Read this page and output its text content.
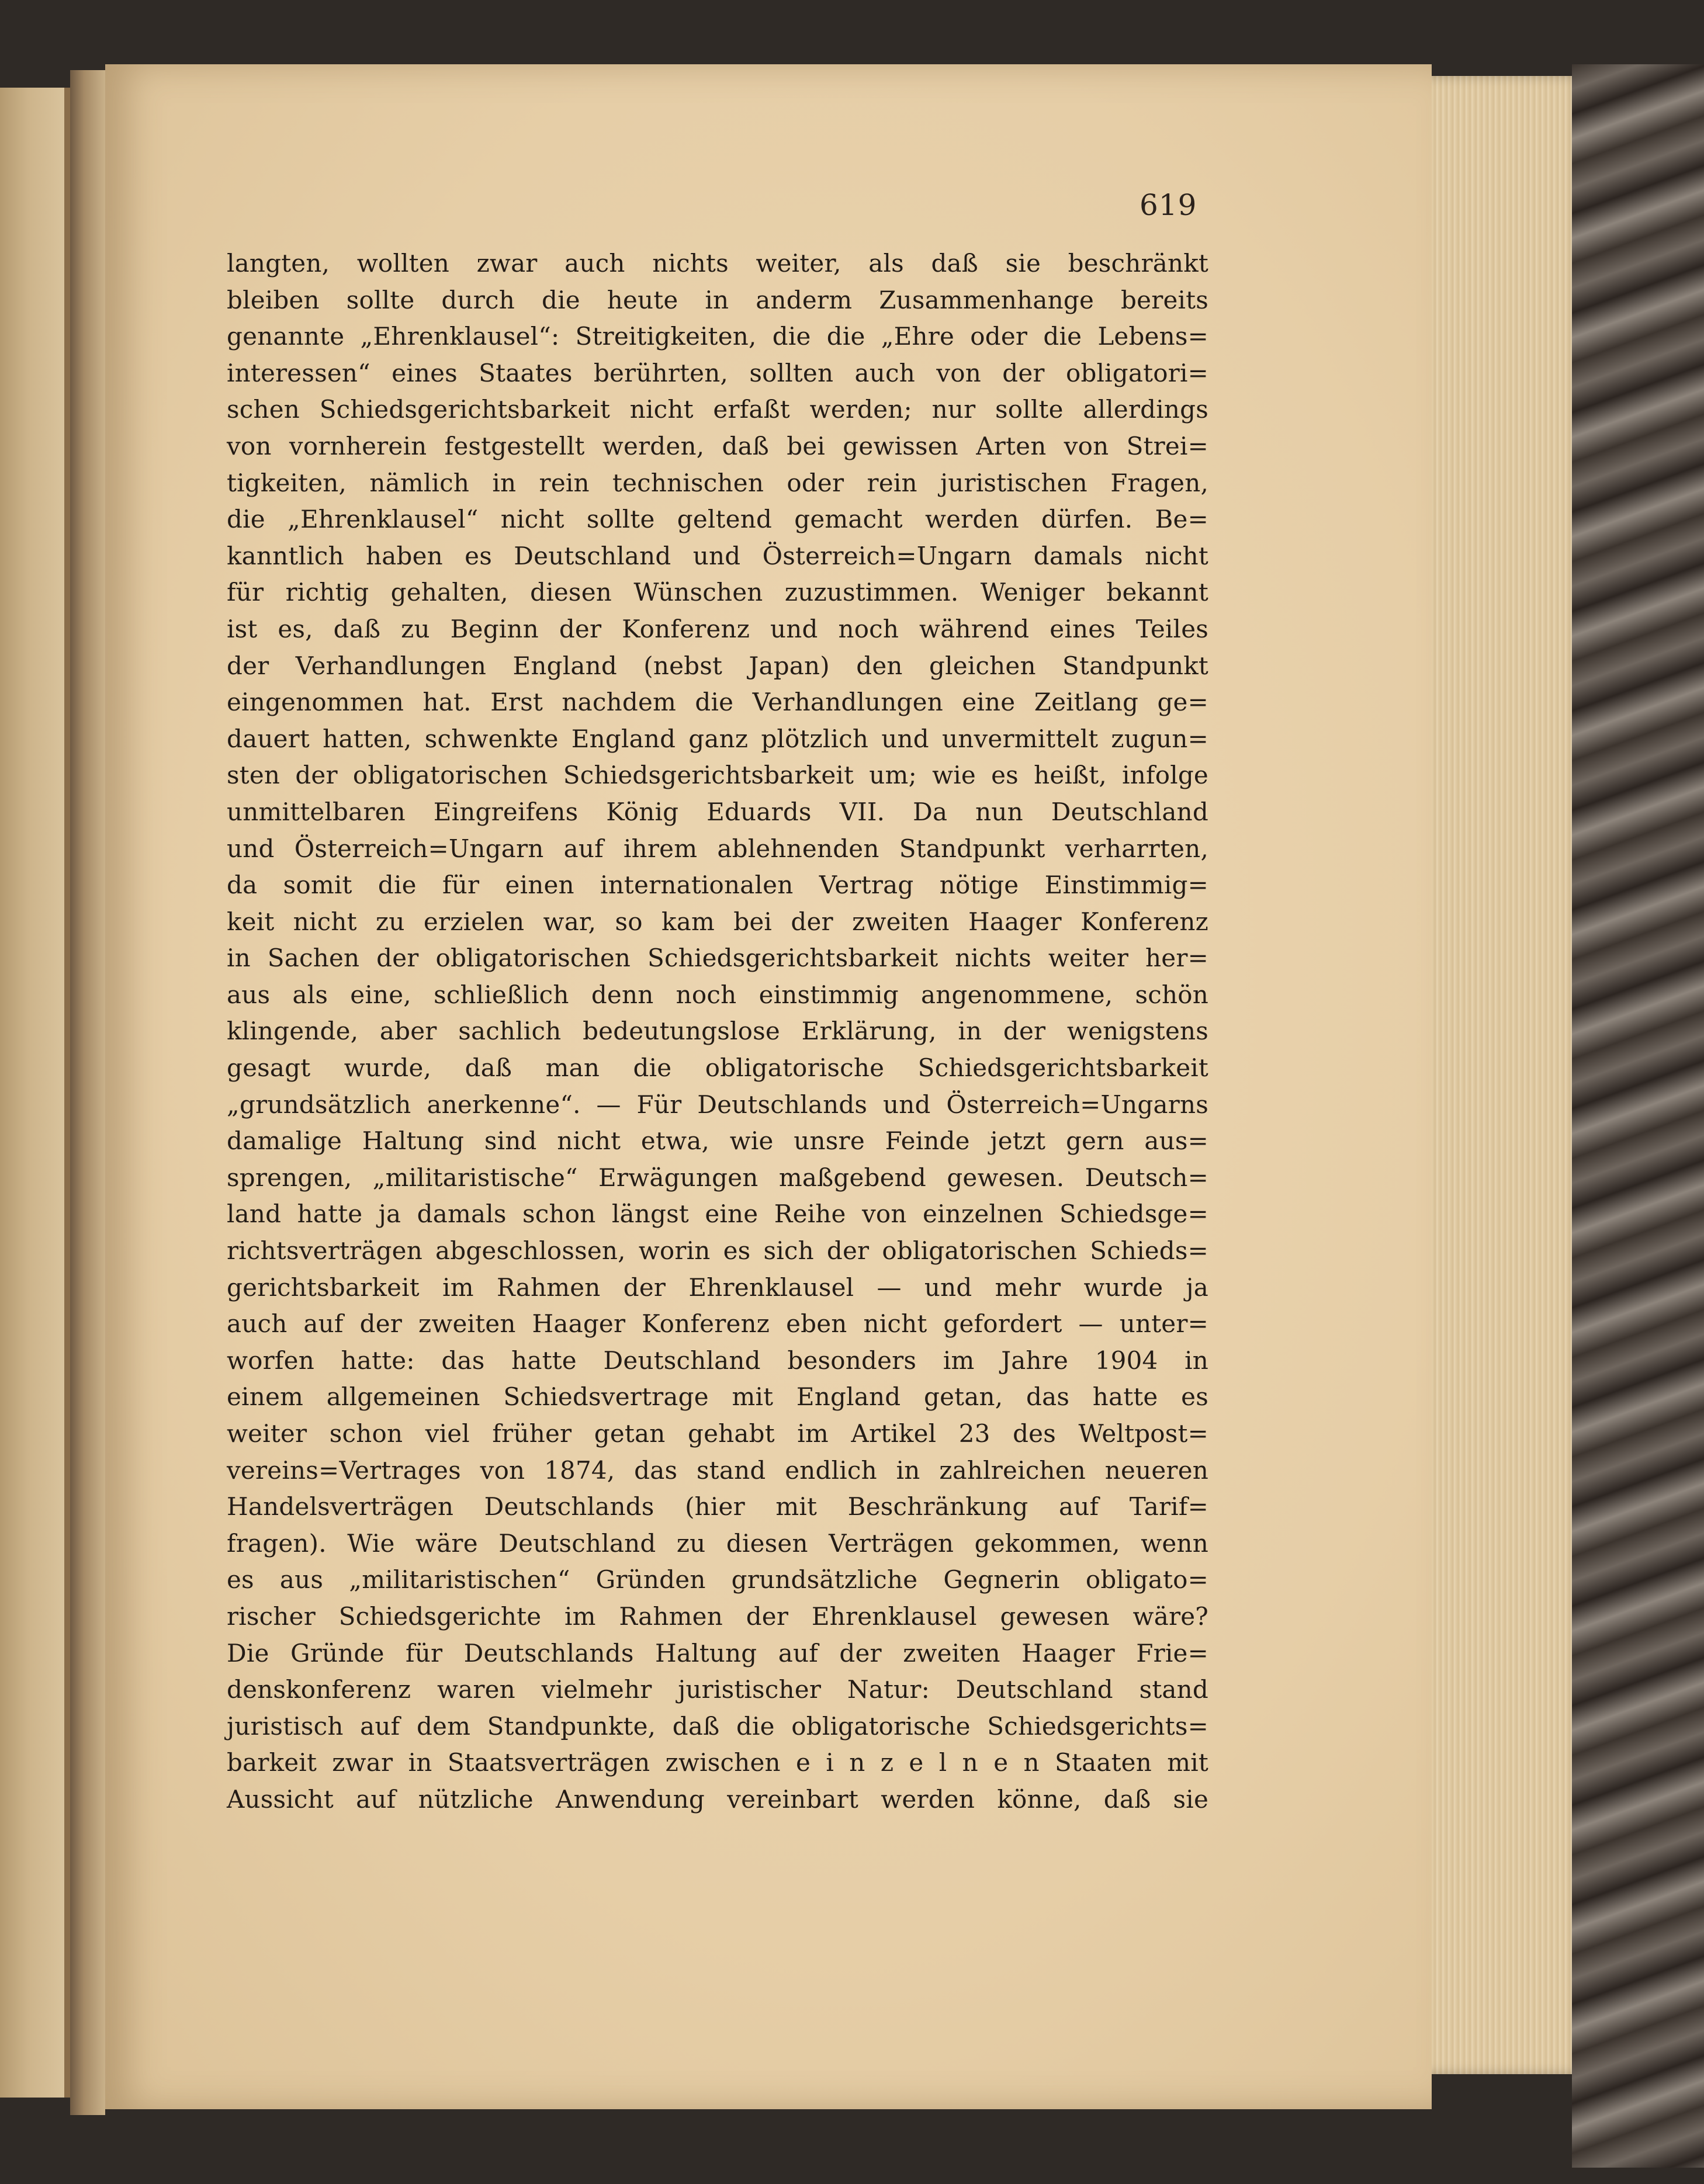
619
langten, wollten zwar auch nichts weiter, als daß sie beschränkt
bleiben sollte durch die heute in anderm Zusammenhange bereits
genannte „Ehrenklausel“: Streitigkeiten, die die „Ehre oder die Lebens=
interessen“ eines Staates berührten, sollten auch von der obligatori=
schen Schiedsgerichtsbarkeit nicht erfaßt werden; nur sollte allerdings
von vornherein festgestellt werden, daß bei gewissen Arten von Strei=
tigkeiten, nämlich in rein technischen oder rein juristischen Fragen,
die „Ehrenklausel“ nicht sollte geltend gemacht werden dürfen. Be=
kanntlich haben es Deutschland und Österreich=Ungarn damals nicht
für richtig gehalten, diesen Wünschen zuzustimmen. Weniger bekannt
ist es, daß zu Beginn der Konferenz und noch während eines Teiles
der Verhandlungen England (nebst Japan) den gleichen Standpunkt
eingenommen hat. Erst nachdem die Verhandlungen eine Zeitlang ge=
dauert hatten, schwenkte England ganz plötzlich und unvermittelt zugun=
sten der obligatorischen Schiedsgerichtsbarkeit um; wie es heißt, infolge
unmittelbaren Eingreifens König Eduards VII. Da nun Deutschland
und Österreich=Ungarn auf ihrem ablehnenden Standpunkt verharrten,
da somit die für einen internationalen Vertrag nötige Einstimmig=
keit nicht zu erzielen war, so kam bei der zweiten Haager Konferenz
in Sachen der obligatorischen Schiedsgerichtsbarkeit nichts weiter her=
aus als eine, schließlich denn noch einstimmig angenommene, schön
klingende, aber sachlich bedeutungslose Erklärung, in der wenigstens
gesagt wurde, daß man die obligatorische Schiedsgerichtsbarkeit
„grundsätzlich anerkenne“. — Für Deutschlands und Österreich=Ungarns
damalige Haltung sind nicht etwa, wie unsre Feinde jetzt gern aus=
sprengen, „militaristische“ Erwägungen maßgebend gewesen. Deutsch=
land hatte ja damals schon längst eine Reihe von einzelnen Schiedsge=
richtsverträgen abgeschlossen, worin es sich der obligatorischen Schieds=
gerichtsbarkeit im Rahmen der Ehrenklausel — und mehr wurde ja
auch auf der zweiten Haager Konferenz eben nicht gefordert — unter=
worfen hatte: das hatte Deutschland besonders im Jahre 1904 in
einem allgemeinen Schiedsvertrage mit England getan, das hatte es
weiter schon viel früher getan gehabt im Artikel 23 des Weltpost=
vereins=Vertrages von 1874, das stand endlich in zahlreichen neueren
Handelsverträgen Deutschlands (hier mit Beschränkung auf Tarif=
fragen). Wie wäre Deutschland zu diesen Verträgen gekommen, wenn
es aus „militaristischen“ Gründen grundsätzliche Gegnerin obligato=
rischer Schiedsgerichte im Rahmen der Ehrenklausel gewesen wäre?
Die Gründe für Deutschlands Haltung auf der zweiten Haager Frie=
denskonferenz waren vielmehr juristischer Natur: Deutschland stand
juristisch auf dem Standpunkte, daß die obligatorische Schiedsgerichts=
barkeit zwar in Staatsverträgen zwischen e i n z e l n e n Staaten mit
Aussicht auf nützliche Anwendung vereinbart werden könne, daß sie
